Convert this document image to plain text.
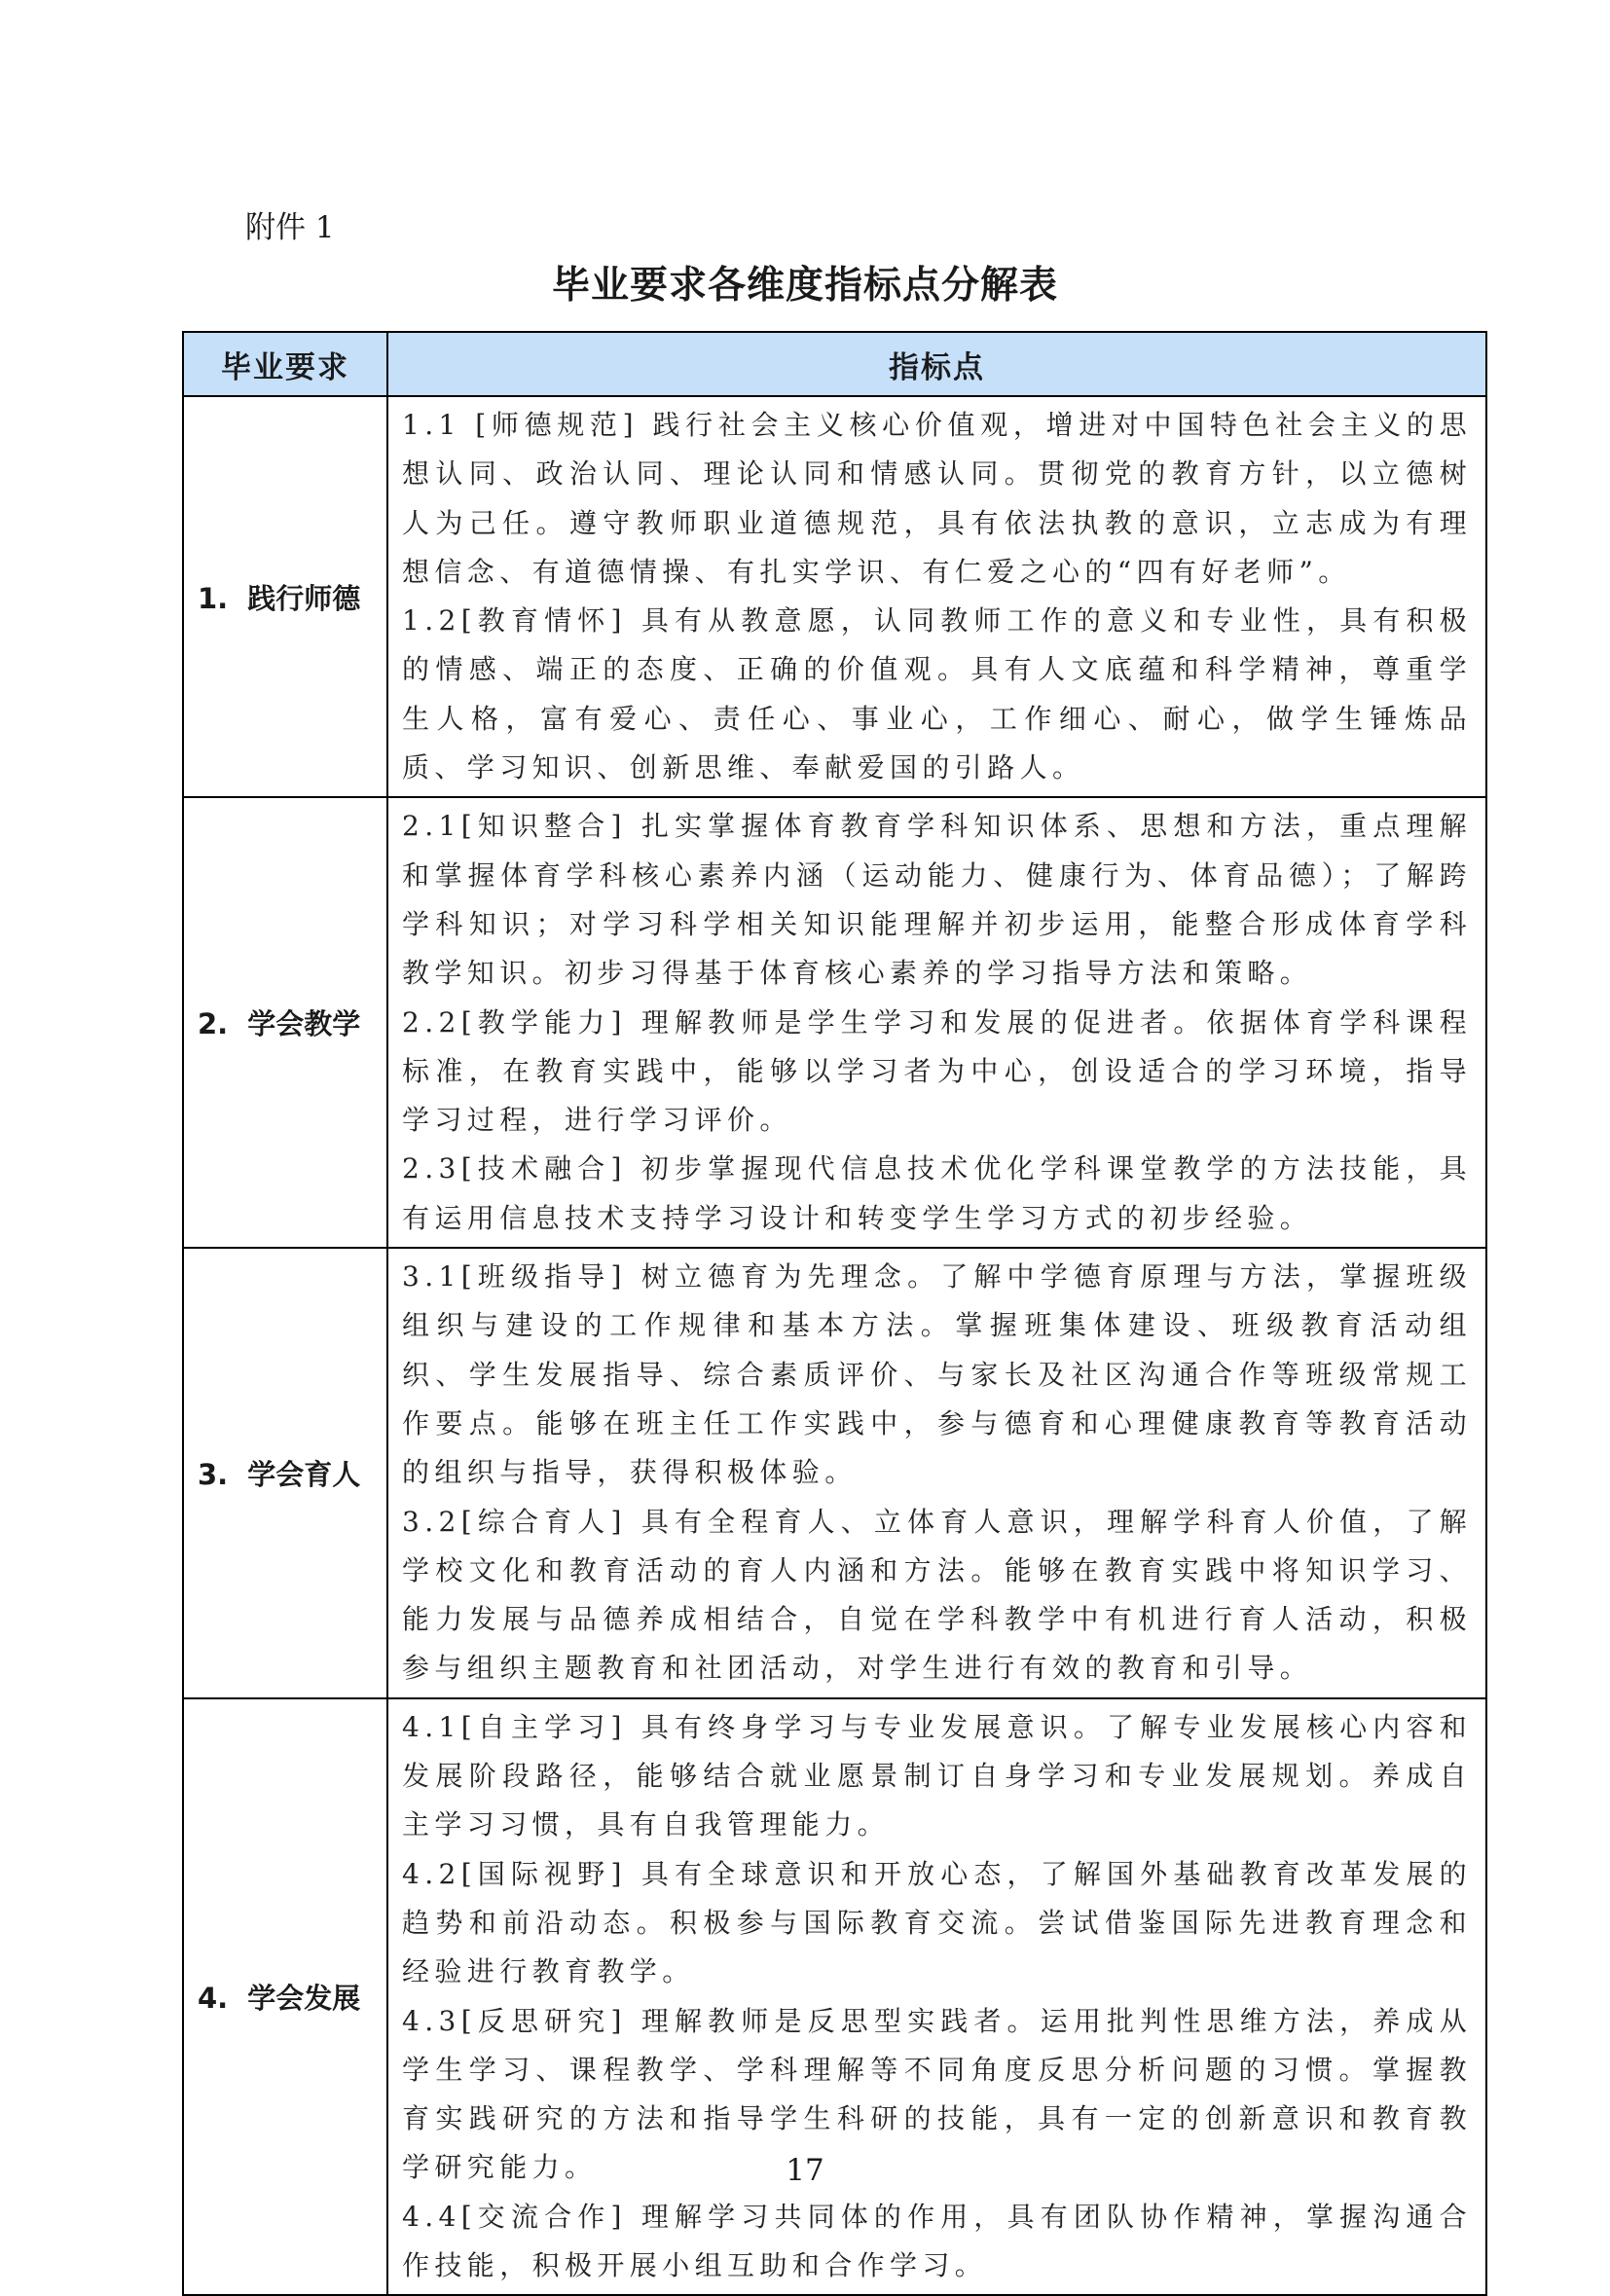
附件 1
毕业要求各维度指标点分解表
毕业要求	指标点
1. 践行师德	1.1 [师德规范] 践行社会主义核心价值观，增进对中国特色社会主义的思想认同、政治认同、理论认同和情感认同。贯彻党的教育方针，以立德树人为己任。遵守教师职业道德规范，具有依法执教的意识，立志成为有理想信念、有道德情操、有扎实学识、有仁爱之心的“四有好老师”。
1.2[教育情怀] 具有从教意愿，认同教师工作的意义和专业性，具有积极的情感、端正的态度、正确的价值观。具有人文底蕴和科学精神，尊重学生人格，富有爱心、责任心、事业心，工作细心、耐心，做学生锤炼品质、学习知识、创新思维、奉献爱国的引路人。

2. 学会教学	2.1[知识整合] 扎实掌握体育教育学科知识体系、思想和方法，重点理解和掌握体育学科核心素养内涵（运动能力、健康行为、体育品德）；了解跨学科知识；对学习科学相关知识能理解并初步运用，能整合形成体育学科教学知识。初步习得基于体育核心素养的学习指导方法和策略。
2.2[教学能力] 理解教师是学生学习和发展的促进者。依据体育学科课程标准，在教育实践中，能够以学习者为中心，创设适合的学习环境，指导学习过程，进行学习评价。
2.3[技术融合] 初步掌握现代信息技术优化学科课堂教学的方法技能，具有运用信息技术支持学习设计和转变学生学习方式的初步经验。

3. 学会育人	3.1[班级指导] 树立德育为先理念。了解中学德育原理与方法，掌握班级组织与建设的工作规律和基本方法。掌握班集体建设、班级教育活动组织、学生发展指导、综合素质评价、与家长及社区沟通合作等班级常规工作要点。能够在班主任工作实践中，参与德育和心理健康教育等教育活动的组织与指导，获得积极体验。
3.2[综合育人] 具有全程育人、立体育人意识，理解学科育人价值，了解学校文化和教育活动的育人内涵和方法。能够在教育实践中将知识学习、能力发展与品德养成相结合，自觉在学科教学中有机进行育人活动，积极参与组织主题教育和社团活动，对学生进行有效的教育和引导。

4. 学会发展	4.1[自主学习] 具有终身学习与专业发展意识。了解专业发展核心内容和发展阶段路径，能够结合就业愿景制订自身学习和专业发展规划。养成自主学习习惯，具有自我管理能力。
4.2[国际视野] 具有全球意识和开放心态，了解国外基础教育改革发展的趋势和前沿动态。积极参与国际教育交流。尝试借鉴国际先进教育理念和经验进行教育教学。
4.3[反思研究] 理解教师是反思型实践者。运用批判性思维方法，养成从学生学习、课程教学、学科理解等不同角度反思分析问题的习惯。掌握教育实践研究的方法和指导学生科研的技能，具有一定的创新意识和教育教学研究能力。
4.4[交流合作] 理解学习共同体的作用，具有团队协作精神，掌握沟通合作技能，积极开展小组互助和合作学习。
17
